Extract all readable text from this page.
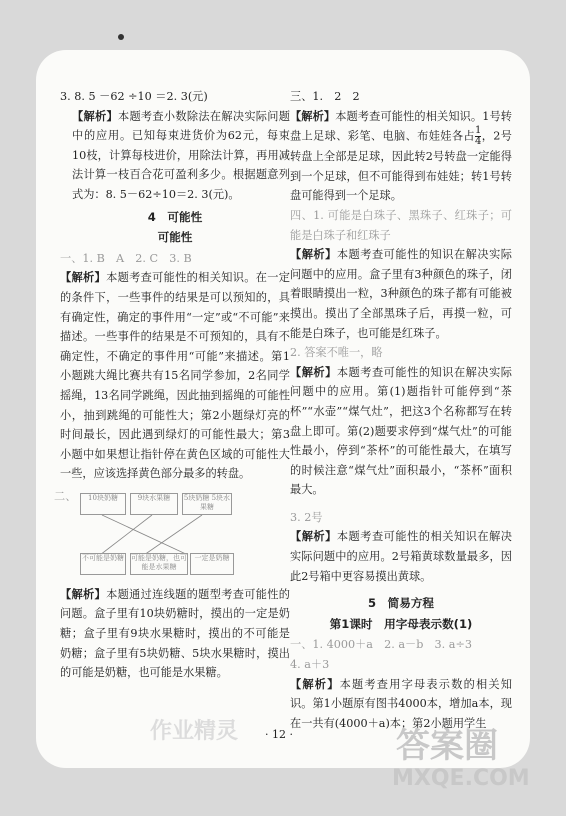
3. 8. 5 －62 ÷10 ＝2. 3(元)

【解析】本题考查小数除法在解决实际问题中的应用。已知每束进货价为62元，每束10枝，计算每枝进价，用除法计算，再用减法计算一枝百合花可盈利多少。根据题意列式为：8. 5－62÷10＝2. 3(元)。

4　可能性
可能性

一、1. B　A　2. C　3. B

【解析】本题考查可能性的相关知识。在一定的条件下，一些事件的结果是可以预知的，具有确定性，确定的事件用“一定”或“不可能”来描述。一些事件的结果是不可预知的，具有不确定性，不确定的事件用“可能”来描述。第1小题跳大绳比赛共有15名同学参加，2名同学摇绳，13名同学跳绳，因此抽到摇绳的可能性小，抽到跳绳的可能性大；第2小题绿灯亮的时间最长，因此遇到绿灯的可能性最大；第3小题中如果想让指针停在黄色区域的可能性大一些，应该选择黄色部分最多的转盘。

二、	10块奶糖	9块水果糖	5块奶糖 5块水果糖
不可能是奶糖 可能是奶糖，也可能是水果糖
一定是奶糖

【解析】本题通过连线题的题型考查可能性的问题。盒子里有10块奶糖时，摸出的一定是奶糖；盒子里有9块水果糖时，摸出的不可能是奶糖；盒子里有5块奶糖、5块水果糖时，摸出的可能是奶糖，也可能是水果糖。

三、1.　2　2

【解析】本题考查可能性的相关知识。1号转盘上足球、彩笔、电脑、布娃娃各占 $\frac{1}{4}$ ，2号转盘上全部是足球，因此转2号转盘一定能得到一个足球，但不可能得到布娃娃；转1号转盘可能得到一个足球。

四、1. 可能是白珠子、黑珠子、红珠子；可能是白珠子和红珠子

【解析】本题考查可能性的知识在解决实际问题中的应用。盒子里有3种颜色的珠子，闭着眼睛摸出一粒，3种颜色的珠子都有可能被摸出。摸出了全部黑珠子后，再摸一粒，可能是白珠子，也可能是红珠子。

2. 答案不唯一，略

【解析】本题考查可能性的知识在解决实际问题中的应用。第(1)题指针可能停到“茶杯”“水壶”“煤气灶”，把这3个名称都写在转盘上即可。第(2)题要求停到“煤气灶”的可能性最小，停到“茶杯”的可能性最大，在填写的时候注意“煤气灶”面积最小，“茶杯”面积最大。

3. 2号

【解析】本题考查可能性的相关知识在解决实际问题中的应用。2号箱黄球数量最多，因此2号箱中更容易摸出黄球。

5　简易方程
第1课时　用字母表示数(1)

一、1. 4000＋a　2. a－b　3. a÷3

4. a＋3

【解析】本题考查用字母表示数的相关知识。第1小题原有图书4000本，增加a本，现在一共有(4000＋a)本；第2小题用学生

· 12 ·	答案圈
MXQE.COM
作业精灵
